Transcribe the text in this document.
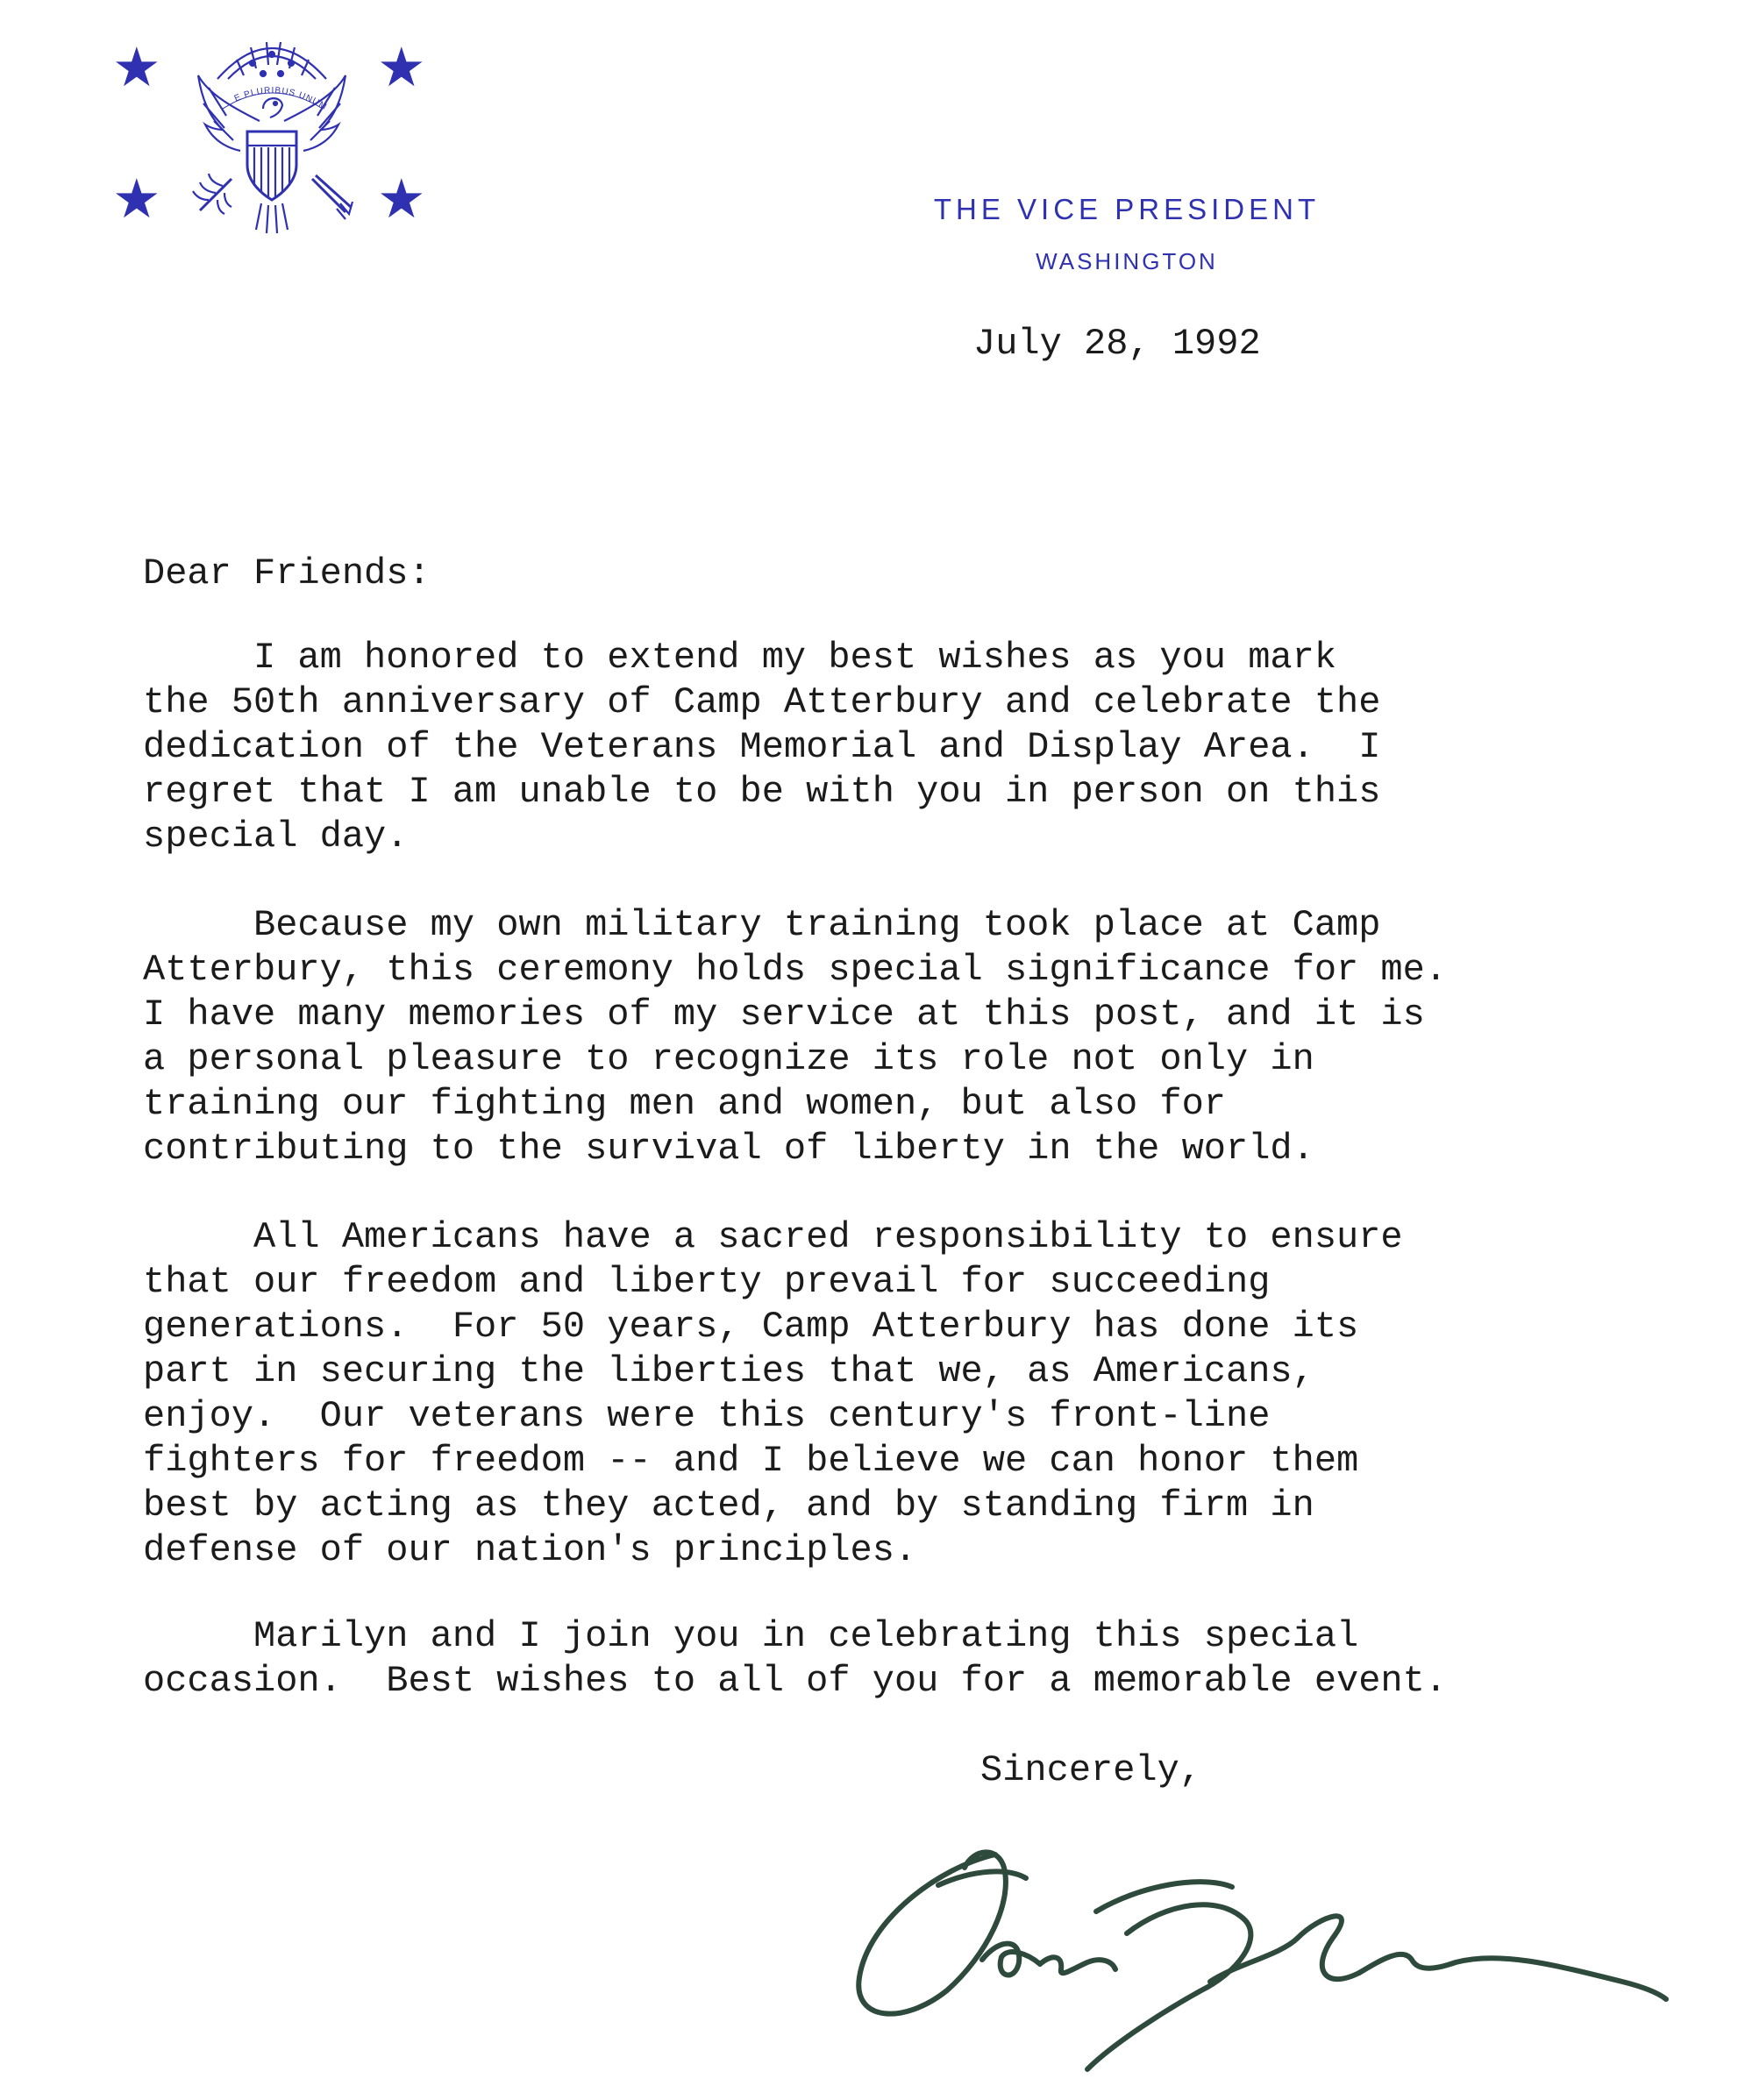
★	★
★	★
E PLURIBUS UNUM
THE VICE PRESIDENT
WASHINGTON
July 28, 1992
Dear Friends:
I am honored to extend my best wishes as you mark
the 50th anniversary of Camp Atterbury and celebrate the
dedication of the Veterans Memorial and Display Area.  I
regret that I am unable to be with you in person on this
special day.
Because my own military training took place at Camp
Atterbury, this ceremony holds special significance for me.
I have many memories of my service at this post, and it is
a personal pleasure to recognize its role not only in
training our fighting men and women, but also for
contributing to the survival of liberty in the world.
All Americans have a sacred responsibility to ensure
that our freedom and liberty prevail for succeeding
generations.  For 50 years, Camp Atterbury has done its
part in securing the liberties that we, as Americans,
enjoy.  Our veterans were this century's front-line
fighters for freedom -- and I believe we can honor them
best by acting as they acted, and by standing firm in
defense of our nation's principles.
Marilyn and I join you in celebrating this special
occasion.  Best wishes to all of you for a memorable event.
Sincerely,
